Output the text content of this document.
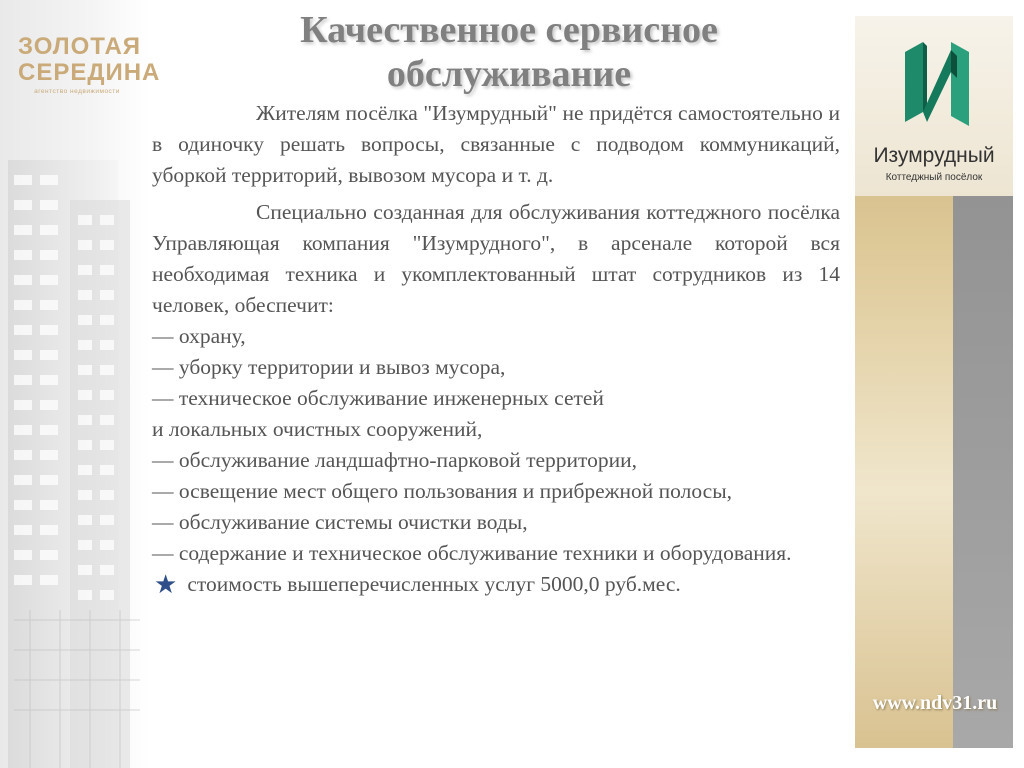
ЗОЛОТАЯ
СЕРЕДИНА
агентство недвижимости
Качественное сервисное
обслуживание

Жителям посёлка "Изумрудный" не придётся самостоятельно и в одиночку решать вопросы, связанные с подводом коммуникаций, уборкой территорий, вывозом мусора и т. д.

Специально созданная для обслуживания коттеджного посёлка Управляющая компания "Изумрудного", в арсенале которой вся необходимая техника и укомплектованный штат сотрудников из 14 человек, обеспечит:

— охрану,

— уборку территории и вывоз мусора,

— техническое обслуживание инженерных сетей

и локальных очистных сооружений,

— обслуживание ландшафтно-парковой территории,

— освещение мест общего пользования и прибрежной полосы,

— обслуживание системы очистки воды,

— содержание и техническое обслуживание техники и оборудования.

★ стоимость вышеперечисленных услуг 5000,0 руб.мес.
Изумрудный
Коттеджный посёлок
www.ndv31.ru
